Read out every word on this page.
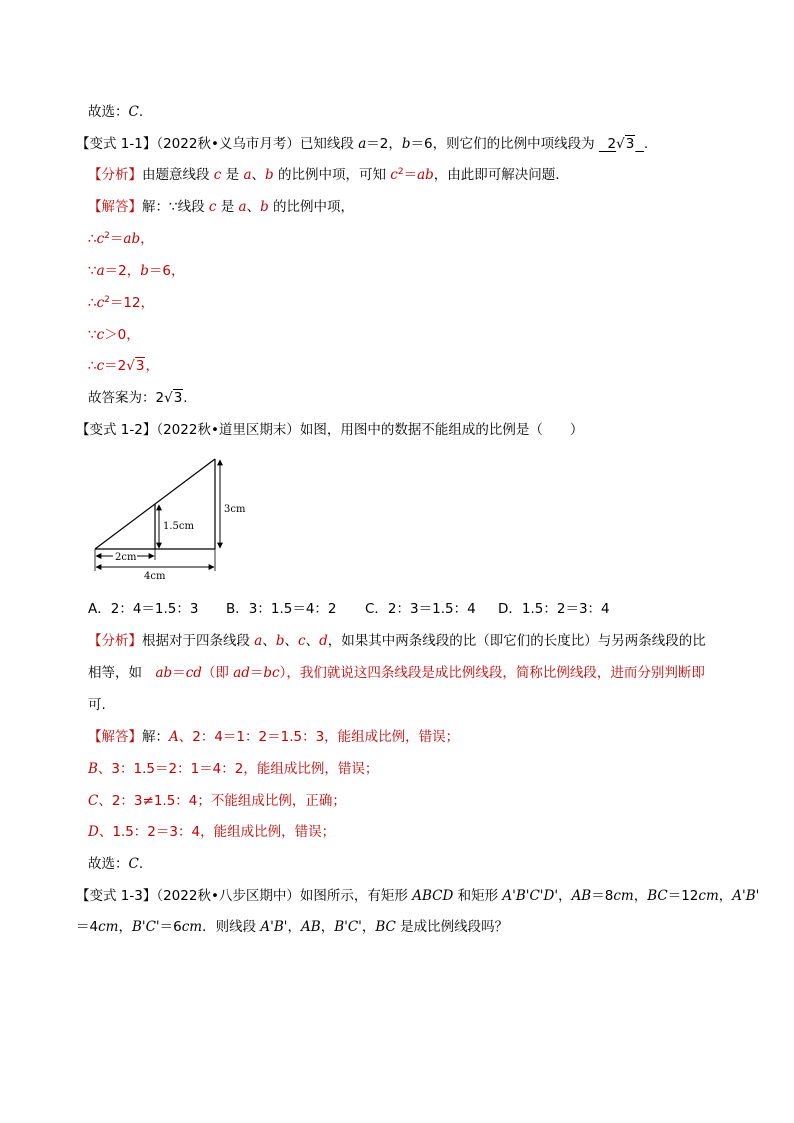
故选：C.
【变式 1-1】（2022秋•义乌市月考）已知线段 a＝2，b＝6，则它们的比例中项线段为   2√3 .
【分析】由题意线段 c 是 a、b 的比例中项，可知 $c^2=ab$，由此即可解决问题.
【解答】解：∵线段 c 是 a、b 的比例中项，
$\therefore c^2=ab$，
∵a＝2，b＝6，
$\therefore c^2=12$，
∵c＞0，
∴c＝2√3，
故答案为：2√3.
【变式 1-2】（2022秋•道里区期末）如图，用图中的数据不能组成的比例是（　　）
2cm
4cm
1.5cm
3cm
A．2：4＝1.5：3 B．3：1.5＝4：2 C．2：3＝1.5：4 D．1.5：2＝3：4
【分析】根据对于四条线段 a、b、c、d，如果其中两条线段的比（即它们的长度比）与另两条线段的比
相等，如　ab＝cd（即 ad＝bc），我们就说这四条线段是成比例线段，简称比例线段，进而分别判断即
可.
【解答】解：A、2：4＝1：2＝1.5：3，能组成比例，错误；
B、3：1.5＝2：1＝4：2，能组成比例，错误；
C、2：3≠1.5：4；不能组成比例，正确；
D、1.5：2＝3：4，能组成比例，错误；
故选：C.
【变式 1-3】（2022秋•八步区期中）如图所示，有矩形 ABCD 和矩形 A'B'C'D'，AB＝8cm，BC＝12cm，A'B'
＝4cm，B'C'＝6cm．则线段 A'B'，AB，B'C'，BC 是成比例线段吗？
